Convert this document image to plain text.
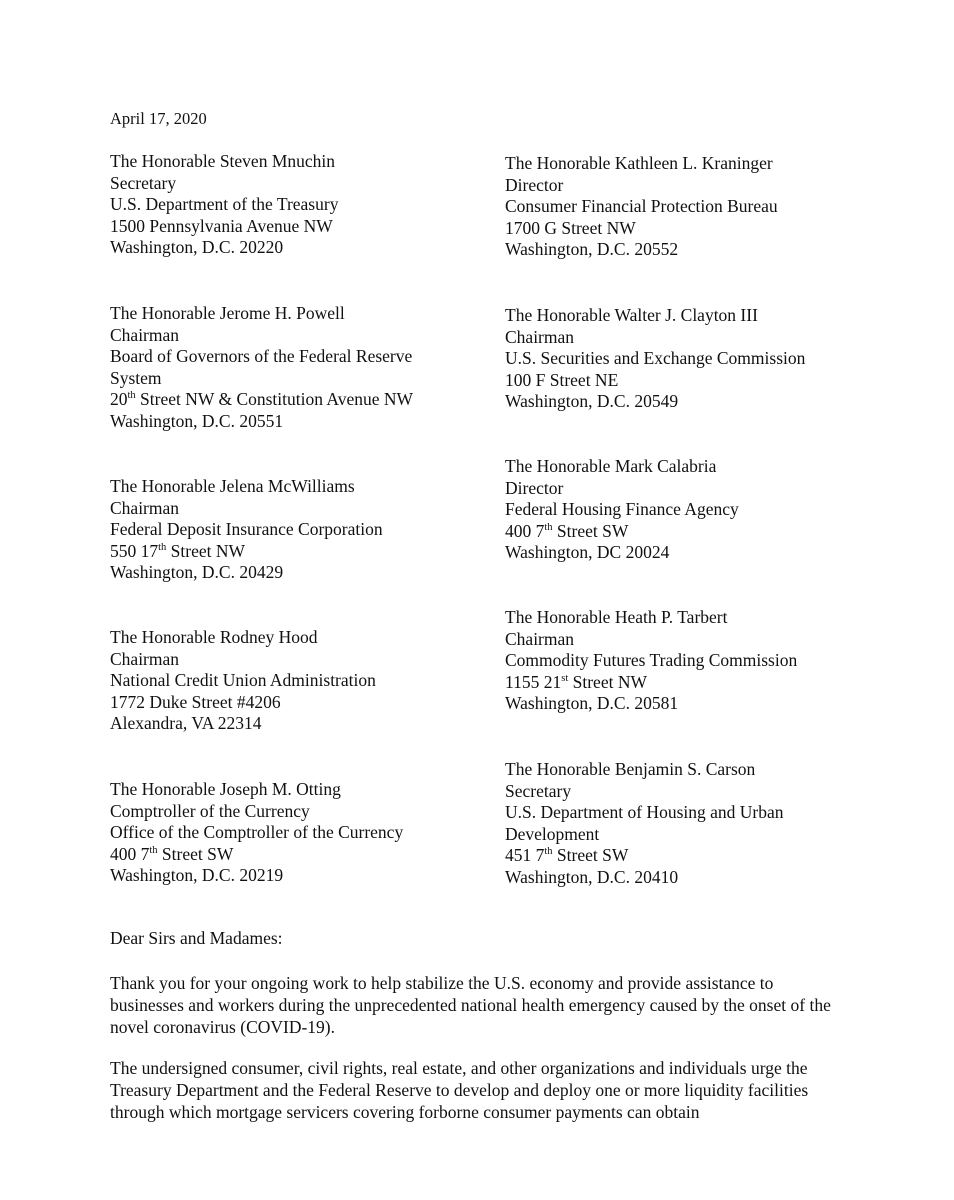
April 17, 2020
The Honorable Steven Mnuchin
Secretary
U.S. Department of the Treasury
1500 Pennsylvania Avenue NW
Washington, D.C. 20220
The Honorable Jerome H. Powell
Chairman
Board of Governors of the Federal Reserve
System
20th Street NW & Constitution Avenue NW
Washington, D.C. 20551
The Honorable Jelena McWilliams
Chairman
Federal Deposit Insurance Corporation
550 17th Street NW
Washington, D.C. 20429
The Honorable Rodney Hood
Chairman
National Credit Union Administration
1772 Duke Street #4206
Alexandra, VA 22314
The Honorable Joseph M. Otting
Comptroller of the Currency
Office of the Comptroller of the Currency
400 7th Street SW
Washington, D.C. 20219
The Honorable Kathleen L. Kraninger
Director
Consumer Financial Protection Bureau
1700 G Street NW
Washington, D.C. 20552
The Honorable Walter J. Clayton III
Chairman
U.S. Securities and Exchange Commission
100 F Street NE
Washington, D.C. 20549
The Honorable Mark Calabria
Director
Federal Housing Finance Agency
400 7th Street SW
Washington, DC 20024
The Honorable Heath P. Tarbert
Chairman
Commodity Futures Trading Commission
1155 21st Street NW
Washington, D.C. 20581
The Honorable Benjamin S. Carson
Secretary
U.S. Department of Housing and Urban
Development
451 7th Street SW
Washington, D.C. 20410
Dear Sirs and Madames:
Thank you for your ongoing work to help stabilize the U.S. economy and provide assistance to businesses and workers during the unprecedented national health emergency caused by the onset of the novel coronavirus (COVID-19).
The undersigned consumer, civil rights, real estate, and other organizations and individuals urge the Treasury Department and the Federal Reserve to develop and deploy one or more liquidity facilities through which mortgage servicers covering forborne consumer payments can obtain
